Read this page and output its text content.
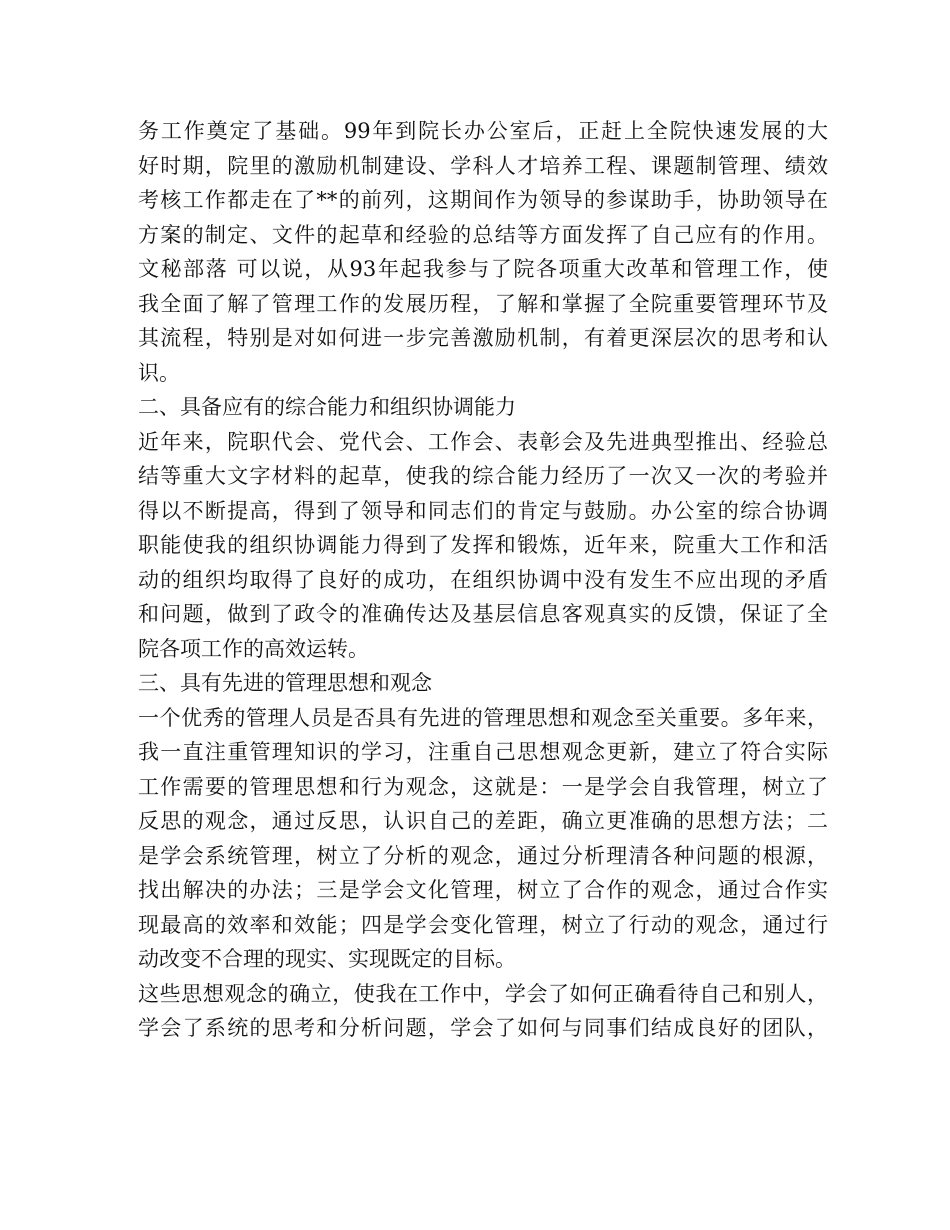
务工作奠定了基础。99年到院长办公室后，正赶上全院快速发展的大
好时期，院里的激励机制建设、学科人才培养工程、课题制管理、绩效
考核工作都走在了**的前列，这期间作为领导的参谋助手，协助领导在
方案的制定、文件的起草和经验的总结等方面发挥了自己应有的作用。
文秘部落 可以说，从93年起我参与了院各项重大改革和管理工作，使
我全面了解了管理工作的发展历程，了解和掌握了全院重要管理环节及
其流程，特别是对如何进一步完善激励机制，有着更深层次的思考和认
识。
二、具备应有的综合能力和组织协调能力
近年来，院职代会、党代会、工作会、表彰会及先进典型推出、经验总
结等重大文字材料的起草，使我的综合能力经历了一次又一次的考验并
得以不断提高，得到了领导和同志们的肯定与鼓励。办公室的综合协调
职能使我的组织协调能力得到了发挥和锻炼，近年来，院重大工作和活
动的组织均取得了良好的成功，在组织协调中没有发生不应出现的矛盾
和问题，做到了政令的准确传达及基层信息客观真实的反馈，保证了全
院各项工作的高效运转。
三、具有先进的管理思想和观念
一个优秀的管理人员是否具有先进的管理思想和观念至关重要。多年来，
我一直注重管理知识的学习，注重自己思想观念更新，建立了符合实际
工作需要的管理思想和行为观念，这就是：一是学会自我管理，树立了
反思的观念，通过反思，认识自己的差距，确立更准确的思想方法；二
是学会系统管理，树立了分析的观念，通过分析理清各种问题的根源，
找出解决的办法；三是学会文化管理，树立了合作的观念，通过合作实
现最高的效率和效能；四是学会变化管理，树立了行动的观念，通过行
动改变不合理的现实、实现既定的目标。
这些思想观念的确立，使我在工作中，学会了如何正确看待自己和别人，
学会了系统的思考和分析问题，学会了如何与同事们结成良好的团队，
